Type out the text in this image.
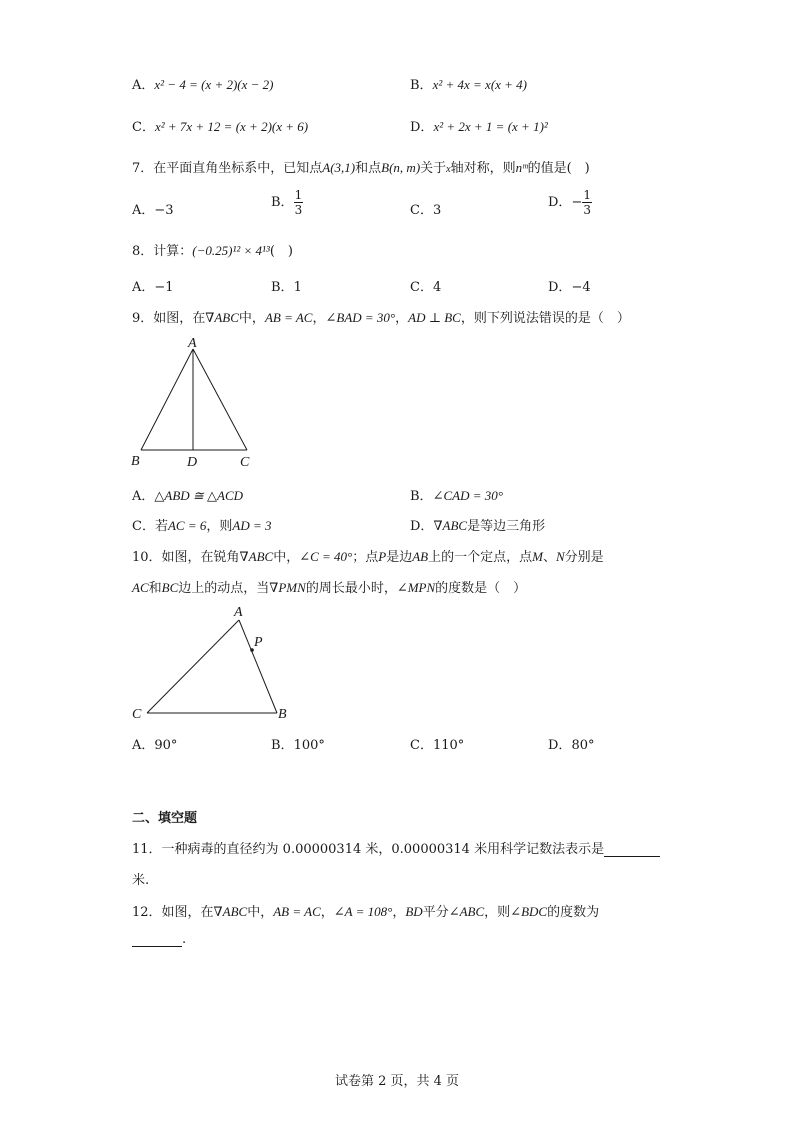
A．x² − 4 = (x + 2)(x − 2)	B．x² + 4x = x(x + 4)
C．x² + 7x + 12 = (x + 2)(x + 6)	D．x² + 2x + 1 = (x + 1)²
7．在平面直角坐标系中，已知点A(3,1)和点B(n, m)关于x轴对称，则nᵐ的值是(　)
A．−3
B． $\frac{1}{3}$	C．3
D．− $\frac{1}{3}$
8．计算：(−0.25)¹² × 4¹³(　)
A．−1	B．1	C．4	D．−4
9．如图，在∇ABC中，AB = AC，∠BAD = 30°，AD ⊥ BC，则下列说法错误的是（　）
A
B	D	C
A．△ABD ≅ △ACD	B．∠CAD = 30°
C．若AC = 6，则AD = 3	D．∇ABC是等边三角形
10．如图，在锐角∇ABC中，∠C = 40°；点P是边AB上的一个定点，点M、N分别是
AC和BC边上的动点，当∇PMN的周长最小时，∠MPN的度数是（　）
A
P
C	B
A．90°	B．100°	C．110°	D．80°
二、填空题
11．一种病毒的直径约为 0.00000314 米，0.00000314 米用科学记数法表示是
米.
12．如图，在∇ABC中，AB = AC，∠A = 108°，BD平分∠ABC，则∠BDC的度数为
.
试卷第 2 页，共 4 页
